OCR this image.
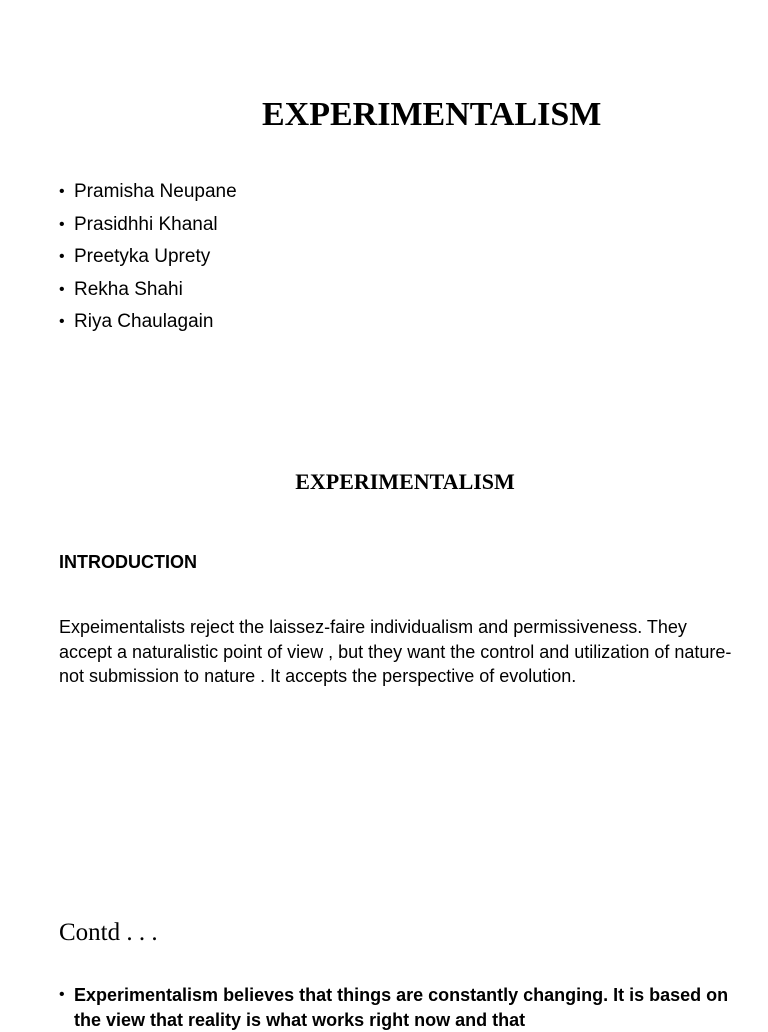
EXPERIMENTALISM
• Pramisha Neupane
• Prasidhhi Khanal
• Preetyka Uprety
• Rekha Shahi
• Riya Chaulagain
EXPERIMENTALISM
INTRODUCTION
Expeimentalists reject the laissez-faire individualism and permissiveness. They accept a naturalistic point of view , but they want the control and utilization of nature-not submission to nature . It accepts the perspective of evolution.
Contd . . .
• Experimentalism believes that things are constantly changing. It is based on the view that reality is what works right now and that
